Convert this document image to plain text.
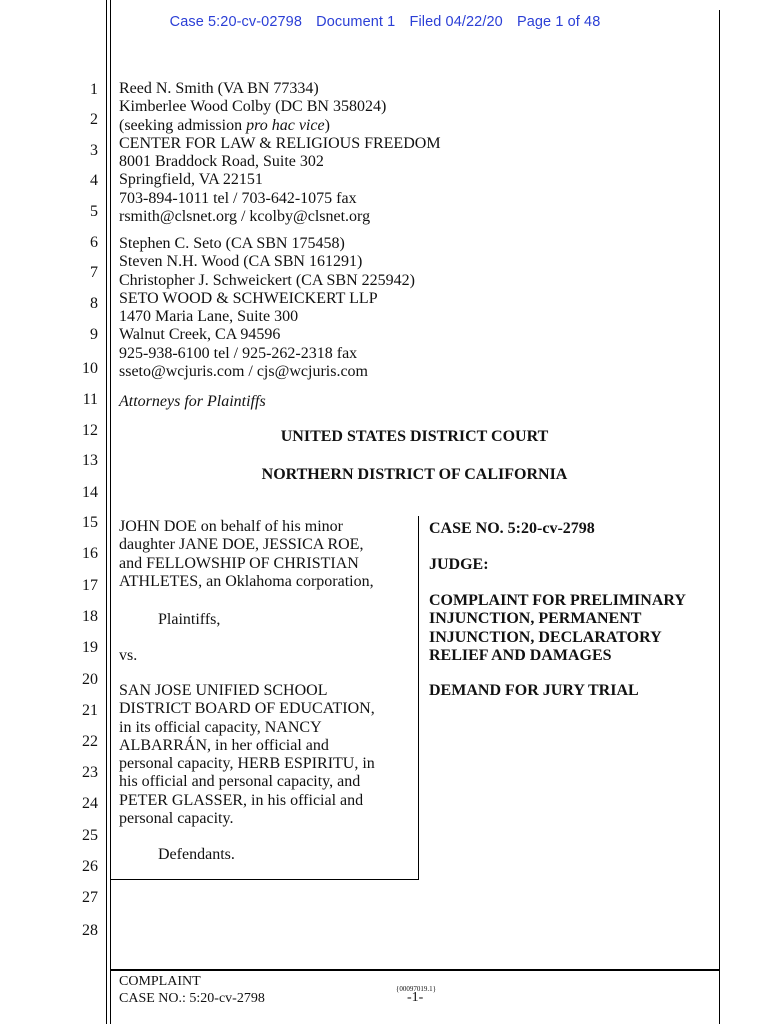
Case 5:20-cv-02798 Document 1 Filed 04/22/20 Page 1 of 48
1
2
3
4
5
6
7
8
9
10
11
12
13
14
15
16
17
18
19
20
21
22
23
24
25
26
27
28
Reed N. Smith (VA BN 77334)
Kimberlee Wood Colby (DC BN 358024)
(seeking admission pro hac vice)
CENTER FOR LAW & RELIGIOUS FREEDOM
8001 Braddock Road, Suite 302
Springfield, VA 22151
703-894-1011 tel / 703-642-1075 fax
rsmith@clsnet.org / kcolby@clsnet.org
Stephen C. Seto (CA SBN 175458)
Steven N.H. Wood (CA SBN 161291)
Christopher J. Schweickert (CA SBN 225942)
SETO WOOD & SCHWEICKERT LLP
1470 Maria Lane, Suite 300
Walnut Creek, CA 94596
925-938-6100 tel / 925-262-2318 fax
sseto@wcjuris.com / cjs@wcjuris.com
Attorneys for Plaintiffs
UNITED STATES DISTRICT COURT
NORTHERN DISTRICT OF CALIFORNIA
JOHN DOE on behalf of his minor
daughter JANE DOE, JESSICA ROE,
and FELLOWSHIP OF CHRISTIAN
ATHLETES, an Oklahoma corporation,
Plaintiffs,
vs.
SAN JOSE UNIFIED SCHOOL
DISTRICT BOARD OF EDUCATION,
in its official capacity, NANCY
ALBARRÁN, in her official and
personal capacity, HERB ESPIRITU, in
his official and personal capacity, and
PETER GLASSER, in his official and
personal capacity.
Defendants.
CASE NO. 5:20-cv-2798
JUDGE:
COMPLAINT FOR PRELIMINARY
INJUNCTION, PERMANENT
INJUNCTION, DECLARATORY
RELIEF AND DAMAGES
DEMAND FOR JURY TRIAL
COMPLAINT
CASE NO.: 5:20-cv-2798
{00097019.1}
-1-
